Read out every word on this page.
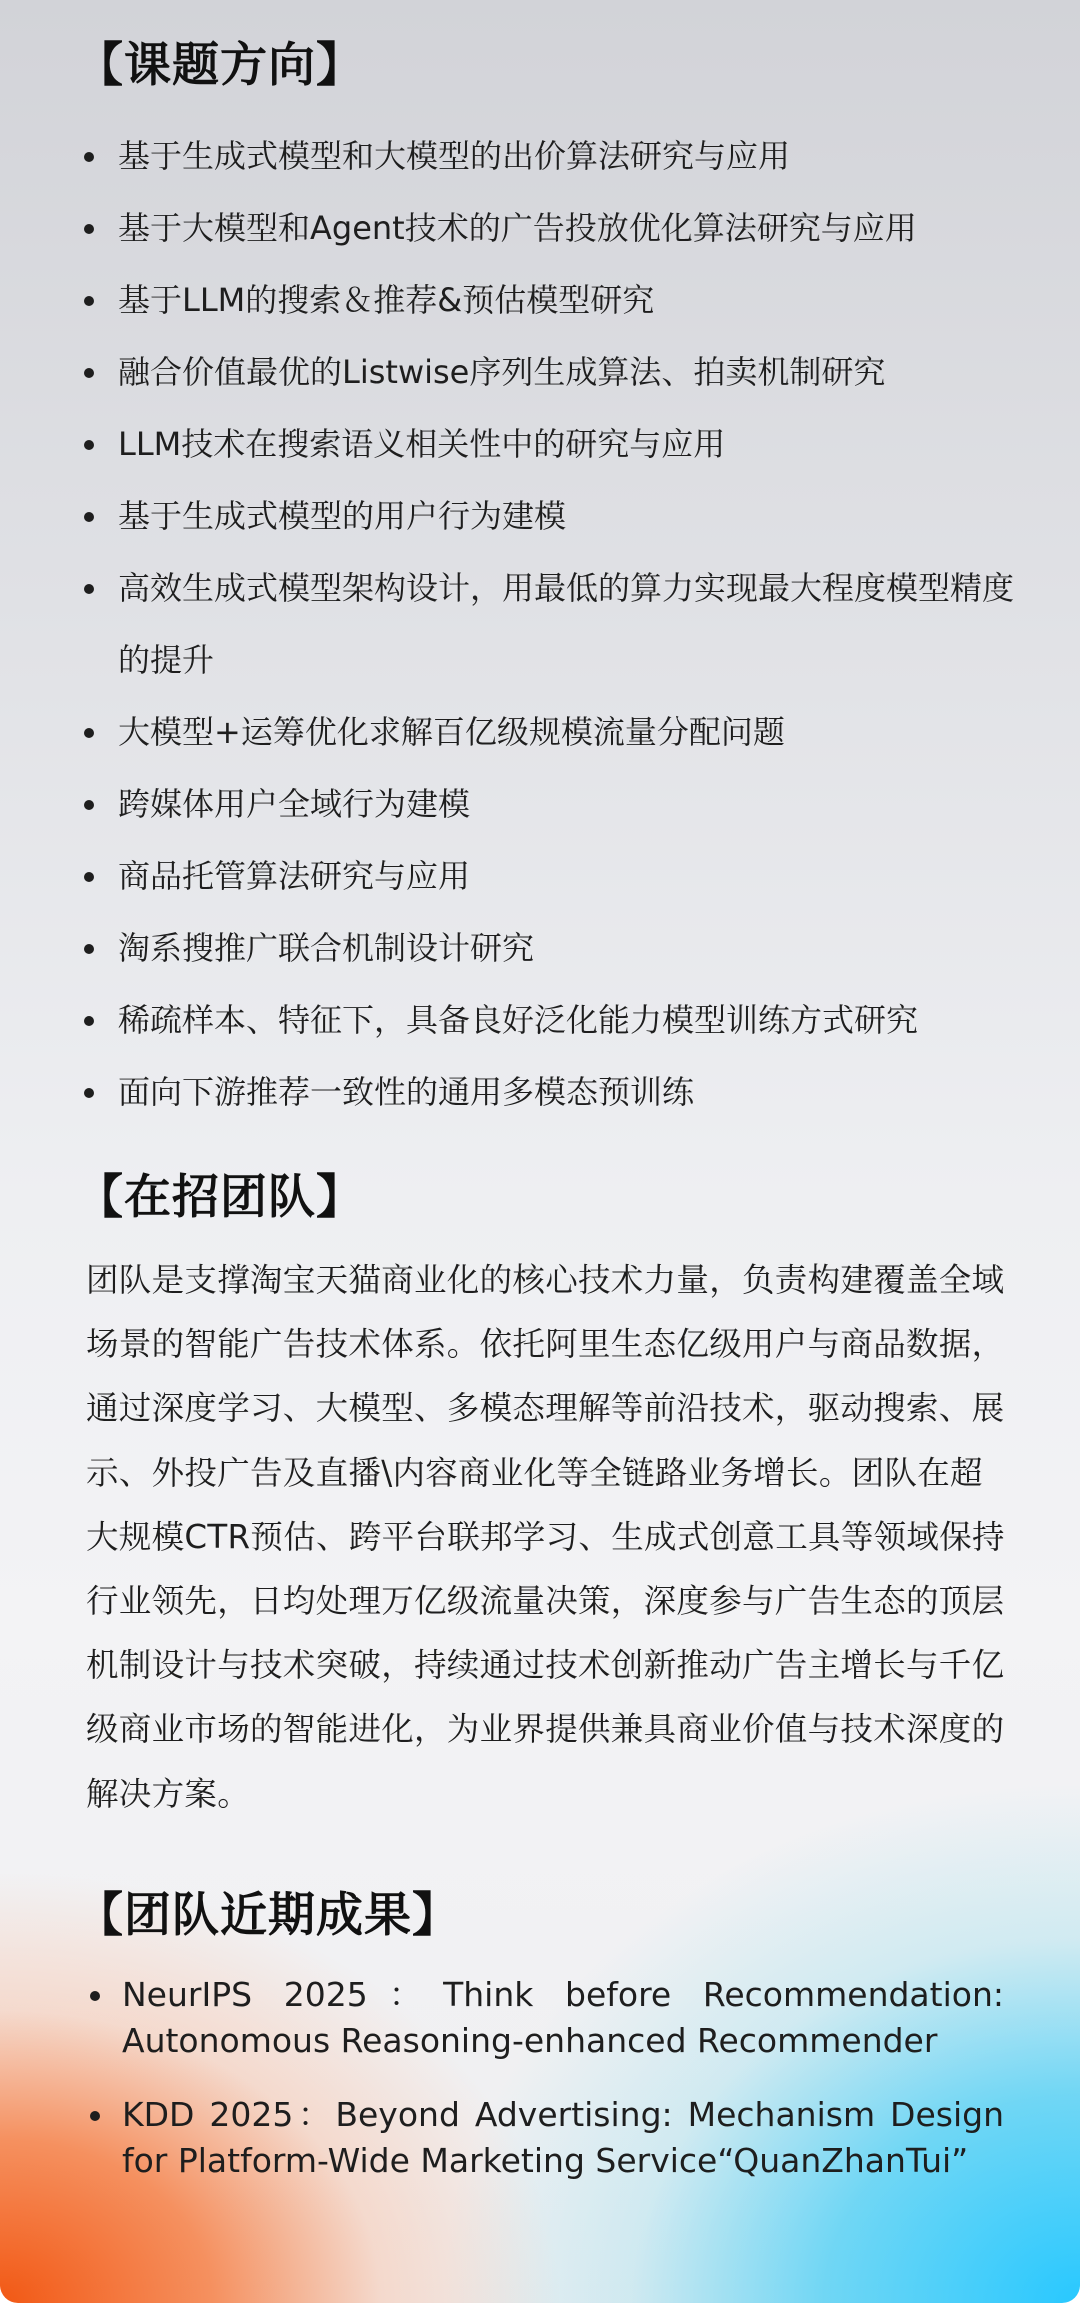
【课题方向】
基于生成式模型和大模型的出价算法研究与应用
基于大模型和Agent技术的广告投放优化算法研究与应用
基于LLM的搜索＆推荐&预估模型研究
融合价值最优的Listwise序列生成算法、拍卖机制研究
LLM技术在搜索语义相关性中的研究与应用
基于生成式模型的用户行为建模
高效生成式模型架构设计，用最低的算力实现最大程度模型精度的提升
大模型+运筹优化求解百亿级规模流量分配问题
跨媒体用户全域行为建模
商品托管算法研究与应用
淘系搜推广联合机制设计研究
稀疏样本、特征下，具备良好泛化能力模型训练方式研究
面向下游推荐一致性的通用多模态预训练
【在招团队】

团队是支撑淘宝天猫商业化的核心技术力量，负责构建覆盖全域场景的智能广告技术体系。依托阿里生态亿级用户与商品数据，通过深度学习、大模型、多模态理解等前沿技术，驱动搜索、展示、外投广告及直播\内容商业化等全链路业务增长。团队在超大规模CTR预估、跨平台联邦学习、生成式创意工具等领域保持行业领先，日均处理万亿级流量决策，深度参与广告生态的顶层机制设计与技术突破，持续通过技术创新推动广告主增长与千亿级商业市场的智能进化，为业界提供兼具商业价值与技术深度的解决方案。

【团队近期成果】
NeurIPS 2025：Think before Recommendation: Autonomous Reasoning-enhanced Recommender
KDD 2025：Beyond Advertising: Mechanism Design for Platform-Wide Marketing Service“QuanZhanTui”
